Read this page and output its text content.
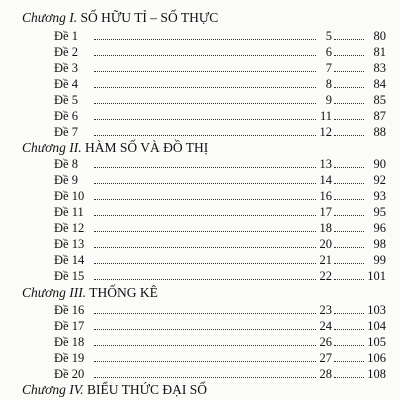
Chương I. SỐ HỮU TỈ – SỐ THỰC
Đề 1	5	80
Đề 2	6	81
Đề 3	7	83
Đề 4	8	84
Đề 5	9	85
Đề 6	11	87
Đề 7	12	88
Chương II. HÀM SỐ VÀ ĐỒ THỊ
Đề 8	13	90
Đề 9	14	92
Đề 10	16	93
Đề 11	17	95
Đề 12	18	96
Đề 13	20	98
Đề 14	21	99
Đề 15	22	101
Chương III. THỐNG KÊ
Đề 16	23	103
Đề 17	24	104
Đề 18	26	105
Đề 19	27	106
Đề 20	28	108
Chương IV. BIỂU THỨC ĐẠI SỐ
